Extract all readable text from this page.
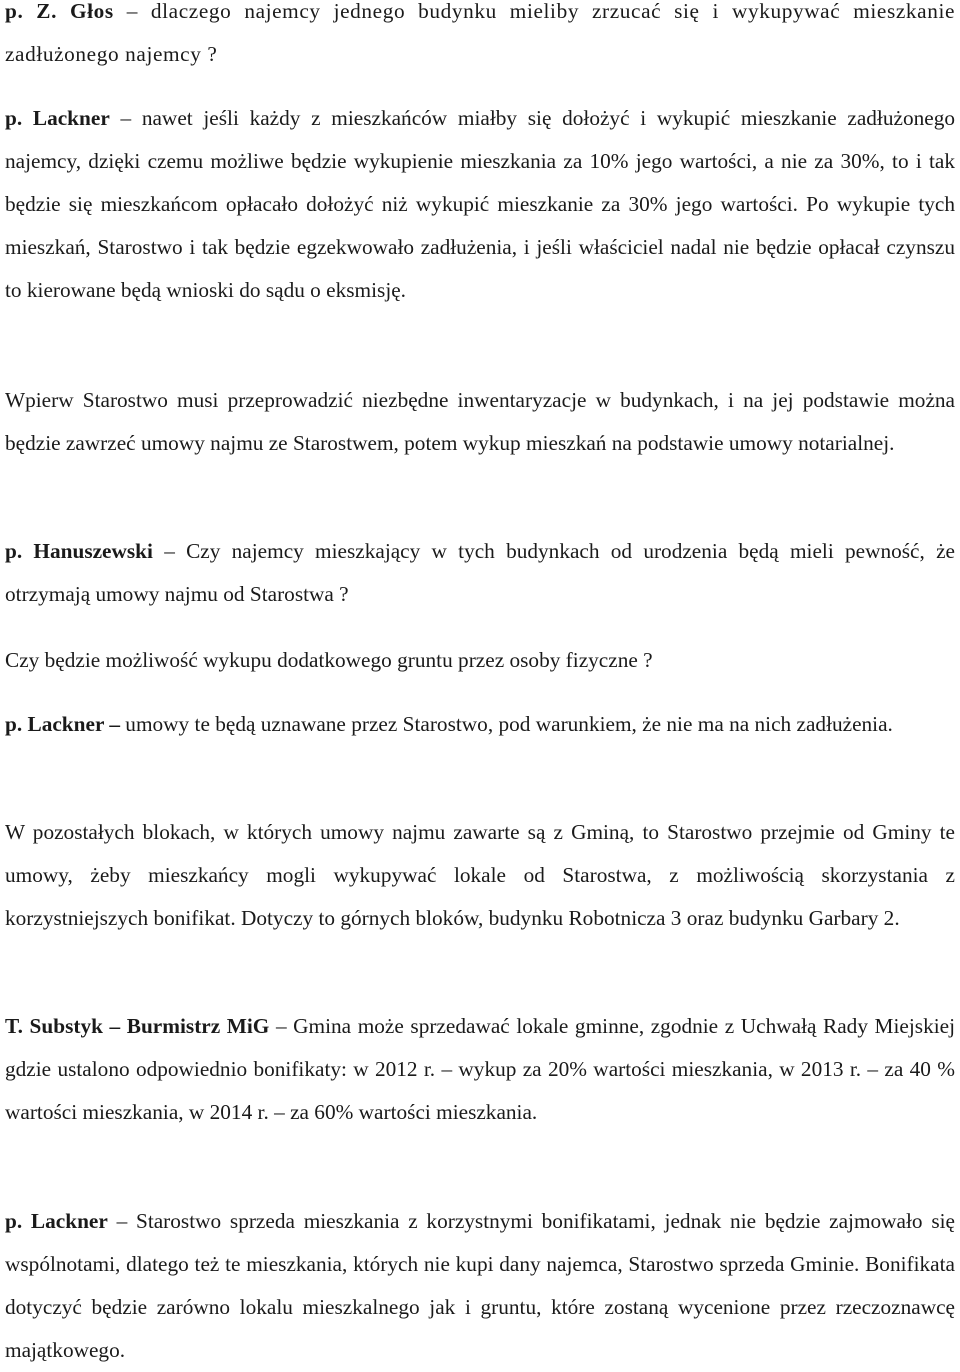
p. Z. Głos – dlaczego najemcy jednego budynku mieliby zrzucać się i wykupywać mieszkanie zadłużonego najemcy ?

p. Lackner – nawet jeśli każdy z mieszkańców miałby się dołożyć i wykupić mieszkanie zadłużonego najemcy, dzięki czemu możliwe będzie wykupienie mieszkania za 10% jego wartości, a nie za 30%, to i tak będzie się mieszkańcom opłacało dołożyć niż wykupić mieszkanie za 30% jego wartości. Po wykupie tych mieszkań, Starostwo i tak będzie egzekwowało zadłużenia, i jeśli właściciel nadal nie będzie opłacał czynszu to kierowane będą wnioski do sądu o eksmisję.

Wpierw Starostwo musi przeprowadzić niezbędne inwentaryzacje w budynkach, i na jej podstawie można będzie zawrzeć umowy najmu ze Starostwem, potem wykup mieszkań na podstawie umowy notarialnej.

p. Hanuszewski – Czy najemcy mieszkający w tych budynkach od urodzenia będą mieli pewność, że otrzymają umowy najmu od Starostwa ?

Czy będzie możliwość wykupu dodatkowego gruntu przez osoby fizyczne ?

p. Lackner – umowy te będą uznawane przez Starostwo, pod warunkiem, że nie ma na nich zadłużenia.

W pozostałych blokach, w których umowy najmu zawarte są z Gminą, to Starostwo przejmie od Gminy te umowy, żeby mieszkańcy mogli wykupywać lokale od Starostwa, z możliwością skorzystania z korzystniejszych bonifikat. Dotyczy to górnych bloków, budynku Robotnicza 3 oraz budynku Garbary 2.

T. Substyk – Burmistrz MiG – Gmina może sprzedawać lokale gminne, zgodnie z Uchwałą Rady Miejskiej gdzie ustalono odpowiednio bonifikaty: w 2012 r. – wykup za 20% wartości mieszkania, w 2013 r. – za 40 % wartości mieszkania, w 2014 r. – za 60% wartości mieszkania.

p. Lackner – Starostwo sprzeda mieszkania z korzystnymi bonifikatami, jednak nie będzie zajmowało się wspólnotami, dlatego też te mieszkania, których nie kupi dany najemca, Starostwo sprzeda Gminie. Bonifikata dotyczyć będzie zarówno lokalu mieszkalnego jak i gruntu, które zostaną wycenione przez rzeczoznawcę majątkowego.
